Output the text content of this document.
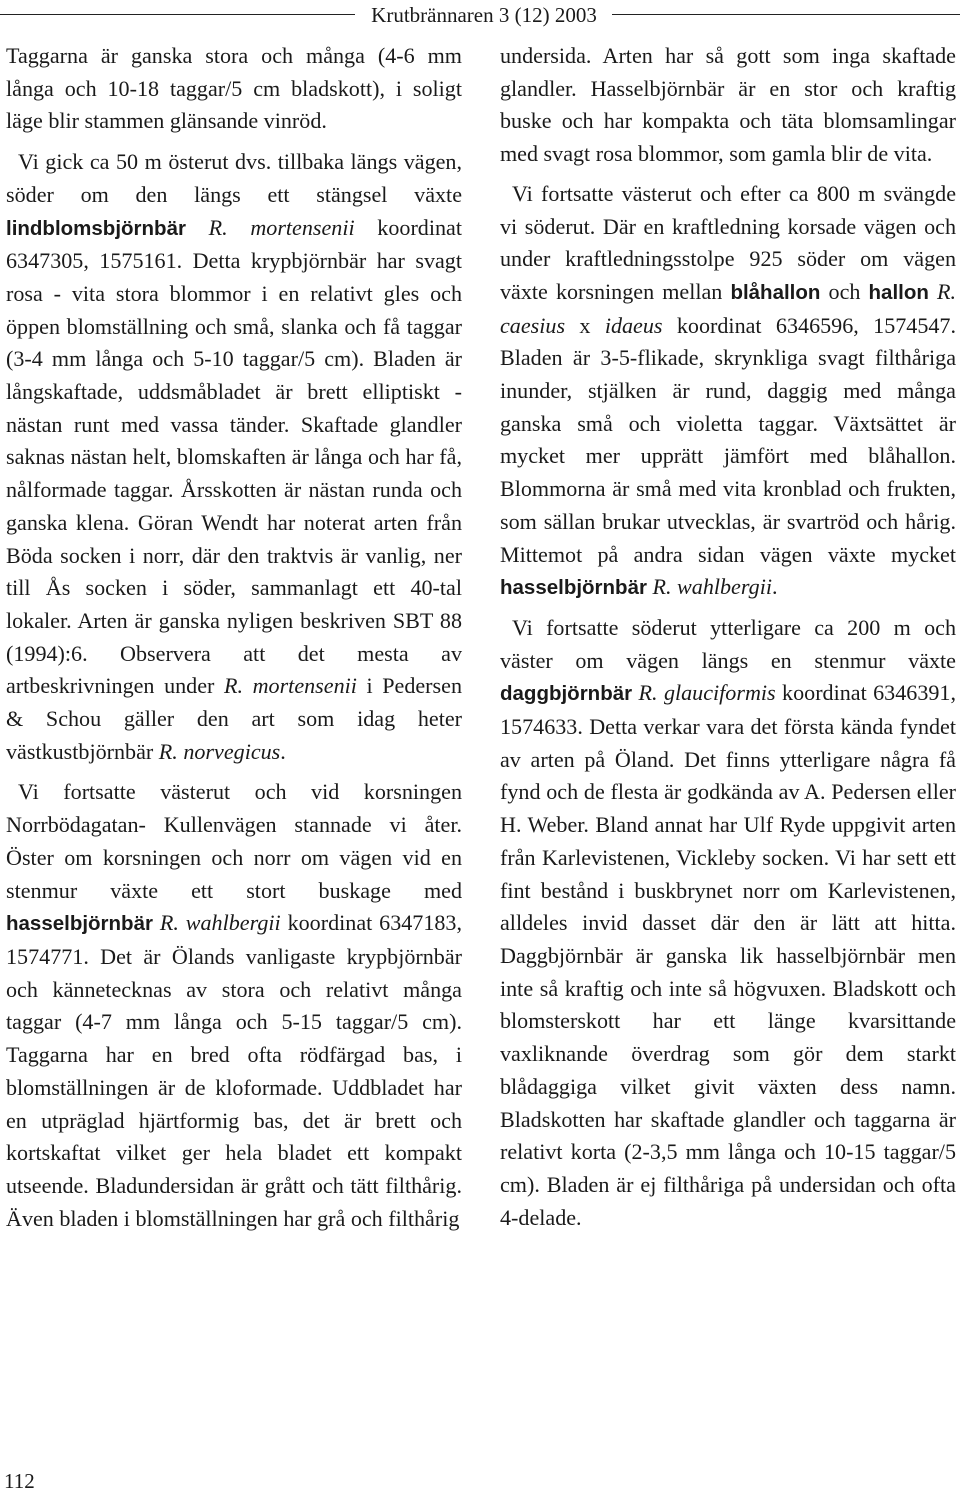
Krutbrännaren 3 (12) 2003

Taggarna är ganska stora och många (4-6 mm långa och 10-18 taggar/5 cm bladskott), i soligt läge blir stammen glänsande vinröd.

Vi gick ca 50 m österut dvs. tillbaka längs vägen, söder om den längs ett stängsel växte lindblomsbjörnbär R. mortensenii koordinat 6347305, 1575161. Detta krypbjörnbär har svagt rosa - vita stora blommor i en relativt gles och öppen blomställning och små, slanka och få taggar (3-4 mm långa och 5-10 taggar/5 cm). Bladen är långskaftade, uddsmåbladet är brett elliptiskt - nästan runt med vassa tänder. Skaftade glandler saknas nästan helt, blomskaften är långa och har få, nålformade taggar. Årsskotten är nästan runda och ganska klena. Göran Wendt har noterat arten från Böda socken i norr, där den traktvis är vanlig, ner till Ås socken i söder, sammanlagt ett 40-tal lokaler. Arten är ganska nyligen beskriven SBT 88 (1994):6. Observera att det mesta av artbeskrivningen under R. mortensenii i Pedersen & Schou gäller den art som idag heter västkustbjörnbär R. norvegicus.

Vi fortsatte västerut och vid korsningen Norrbödagatan- Kullenvägen stannade vi åter. Öster om korsningen och norr om vägen vid en stenmur växte ett stort buskage med hasselbjörnbär R. wahlbergii koordinat 6347183, 1574771. Det är Ölands vanligaste krypbjörnbär och kännetecknas av stora och relativt många taggar (4-7 mm långa och 5-15 taggar/5 cm). Taggarna har en bred ofta rödfärgad bas, i blomställningen är de kloformade. Uddbladet har en utpräglad hjärtformig bas, det är brett och kortskaftat vilket ger hela bladet ett kompakt utseende. Bladundersidan är grått och tätt filthårig. Även bladen i blomställningen har grå och filthårig

undersida. Arten har så gott som inga skaftade glandler. Hasselbjörnbär är en stor och kraftig buske och har kompakta och täta blomsamlingar med svagt rosa blommor, som gamla blir de vita.

Vi fortsatte västerut och efter ca 800 m svängde vi söderut. Där en kraftledning korsade vägen och under kraftledningsstolpe 925 söder om vägen växte korsningen mellan blåhallon och hallon R. caesius x idaeus koordinat 6346596, 1574547. Bladen är 3-5-flikade, skrynkliga svagt filthåriga inunder, stjälken är rund, daggig med många ganska små och violetta taggar. Växtsättet är mycket mer upprätt jämfört med blåhallon. Blommorna är små med vita kronblad och frukten, som sällan brukar utvecklas, är svartröd och hårig. Mittemot på andra sidan vägen växte mycket hasselbjörnbär R. wahlbergii.

Vi fortsatte söderut ytterligare ca 200 m och väster om vägen längs en stenmur växte daggbjörnbär R. glauciformis koordinat 6346391, 1574633. Detta verkar vara det första kända fyndet av arten på Öland. Det finns ytterligare några få fynd och de flesta är godkända av A. Pedersen eller H. Weber. Bland annat har Ulf Ryde uppgivit arten från Karlevistenen, Vickleby socken. Vi har sett ett fint bestånd i buskbrynet norr om Karlevistenen, alldeles invid dasset där den är lätt att hitta. Daggbjörnbär är ganska lik hasselbjörnbär men inte så kraftig och inte så högvuxen. Bladskott och blomsterskott har ett länge kvarsittande vaxliknande överdrag som gör dem starkt blådaggiga vilket givit växten dess namn. Bladskotten har skaftade glandler och taggarna är relativt korta (2-3,5 mm långa och 10-15 taggar/5 cm). Bladen är ej filthåriga på undersidan och ofta 4-delade.

112
